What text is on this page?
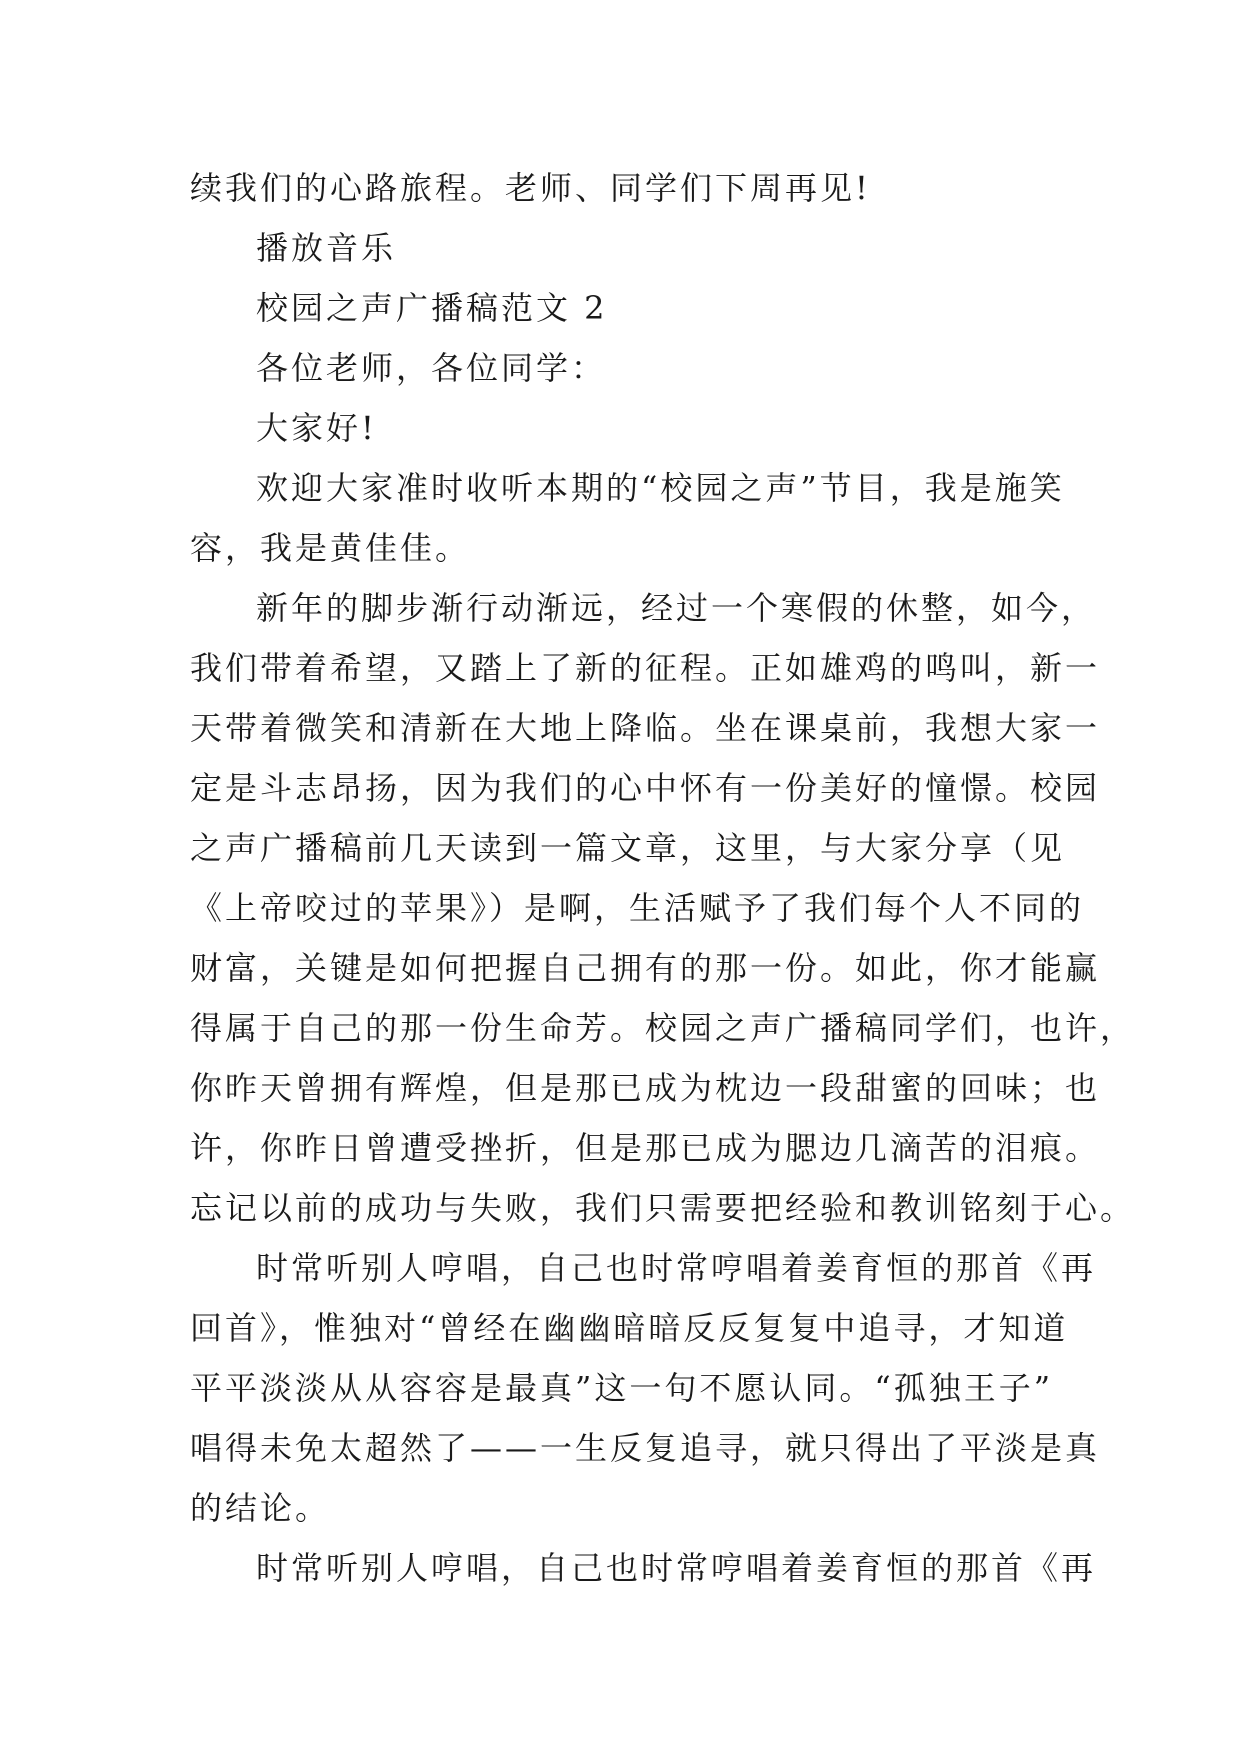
续我们的心路旅程。老师、同学们下周再见!
播放音乐
校园之声广播稿范文 2
各位老师，各位同学：
大家好!
欢迎大家准时收听本期的“校园之声”节目，我是施笑
容，我是黄佳佳。
新年的脚步渐行动渐远，经过一个寒假的休整，如今，
我们带着希望，又踏上了新的征程。正如雄鸡的鸣叫，新一
天带着微笑和清新在大地上降临。坐在课桌前，我想大家一
定是斗志昂扬，因为我们的心中怀有一份美好的憧憬。校园
之声广播稿前几天读到一篇文章，这里，与大家分享（见
《上帝咬过的苹果》）是啊，生活赋予了我们每个人不同的
财富，关键是如何把握自己拥有的那一份。如此，你才能赢
得属于自己的那一份生命芳。校园之声广播稿同学们，也许，
你昨天曾拥有辉煌，但是那已成为枕边一段甜蜜的回味；也
许，你昨日曾遭受挫折，但是那已成为腮边几滴苦的泪痕。
忘记以前的成功与失败，我们只需要把经验和教训铭刻于心。
时常听别人哼唱，自己也时常哼唱着姜育恒的那首《再
回首》，惟独对“曾经在幽幽暗暗反反复复中追寻，才知道
平平淡淡从从容容是最真”这一句不愿认同。“孤独王子”
唱得未免太超然了——一生反复追寻，就只得出了平淡是真
的结论。
时常听别人哼唱，自己也时常哼唱着姜育恒的那首《再
